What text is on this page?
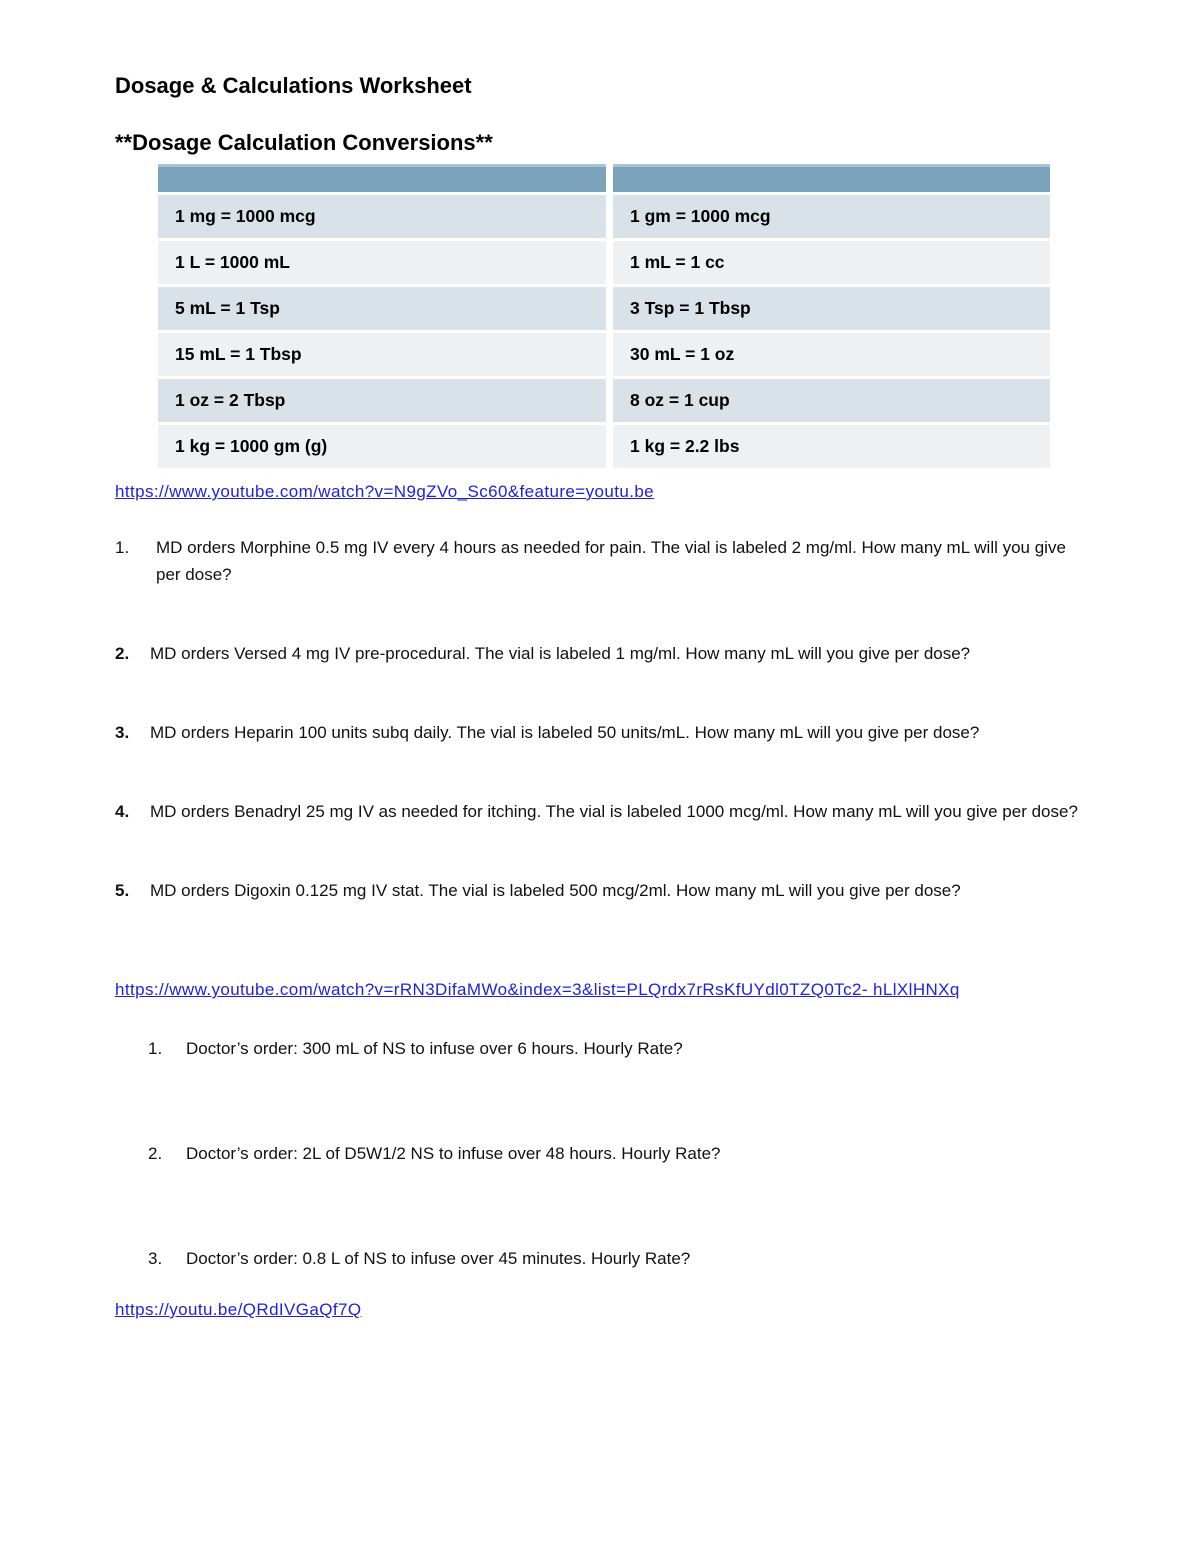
Dosage & Calculations Worksheet
**Dosage Calculation Conversions**
1 mg = 1000 mcg	1 gm = 1000 mcg
1 L = 1000 mL	1 mL = 1 cc
5 mL = 1 Tsp	3 Tsp = 1 Tbsp
15 mL = 1 Tbsp	30 mL = 1 oz
1 oz = 2 Tbsp	8 oz = 1 cup
1 kg = 1000 gm (g)	1 kg = 2.2 lbs
https://www.youtube.com/watch?v=N9gZVo_Sc60&feature=youtu.be
1.	MD orders Morphine 0.5 mg IV every 4 hours as needed for pain. The vial is labeled 2 mg/ml. How many mL will you give per dose?
2.	MD orders Versed 4 mg IV pre-procedural. The vial is labeled 1 mg/ml. How many mL will you give per dose?
3.	MD orders Heparin 100 units subq daily. The vial is labeled 50 units/mL. How many mL will you give per dose?
4.	MD orders Benadryl 25 mg IV as needed for itching. The vial is labeled 1000 mcg/ml. How many mL will you give per dose?
5.	MD orders Digoxin 0.125 mg IV stat. The vial is labeled 500 mcg/2ml. How many mL will you give per dose?
https://www.youtube.com/watch?v=rRN3DifaMWo&index=3&list=PLQrdx7rRsKfUYdl0TZQ0Tc2- hLlXlHNXq
1.	Doctor’s order: 300 mL of NS to infuse over 6 hours. Hourly Rate?
2.	Doctor’s order: 2L of D5W1/2 NS to infuse over 48 hours. Hourly Rate?
3.	Doctor’s order: 0.8 L of NS to infuse over 45 minutes. Hourly Rate?
https://youtu.be/QRdIVGaQf7Q
